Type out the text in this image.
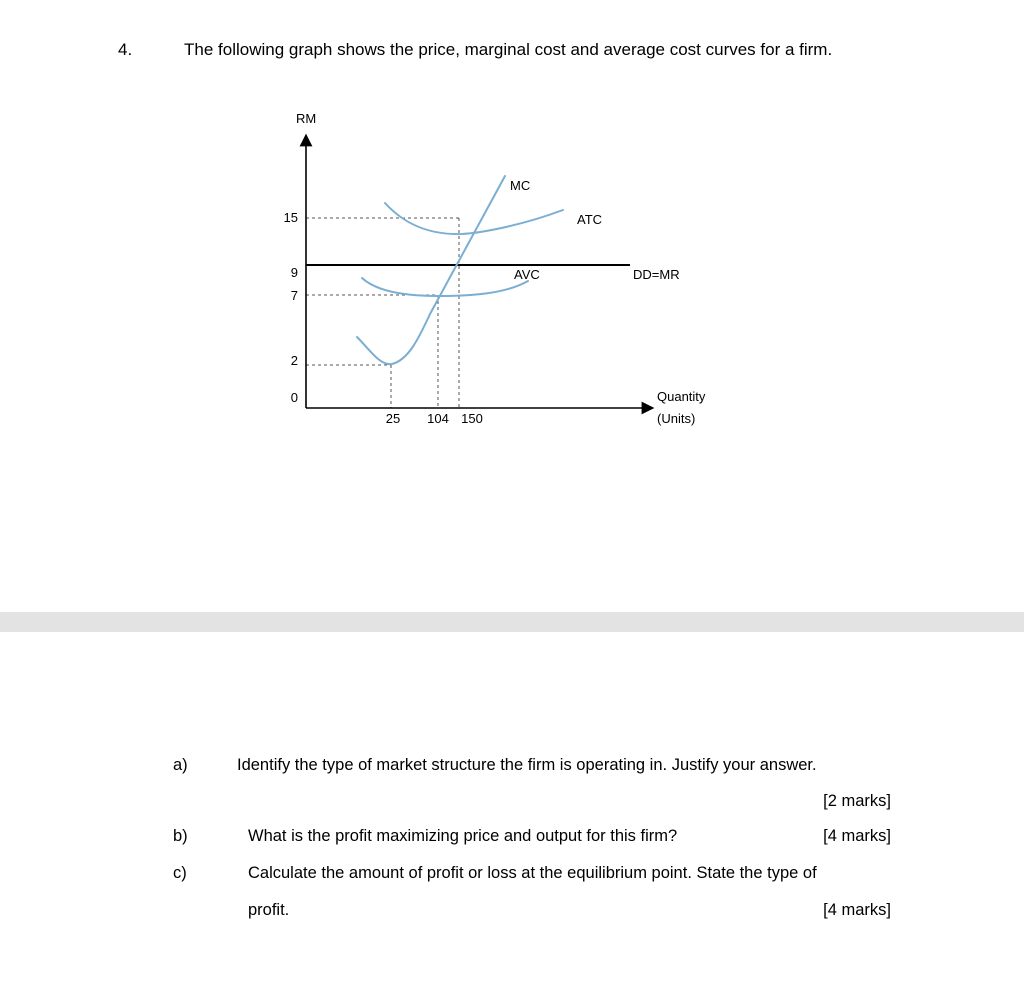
4.	The following graph shows the price, marginal cost and average cost curves for a firm.
RM
15
9
7
2
0
25 104 150
MC
ATC
AVC	DD=MR
Quantity
(Units)
a)	Identify the type of market structure the firm is operating in. Justify your answer.
[2 marks]
b)	What is the profit maximizing price and output for this firm?	[4 marks]
c)	Calculate the amount of profit or loss at the equilibrium point. State the type of
profit.	[4 marks]
